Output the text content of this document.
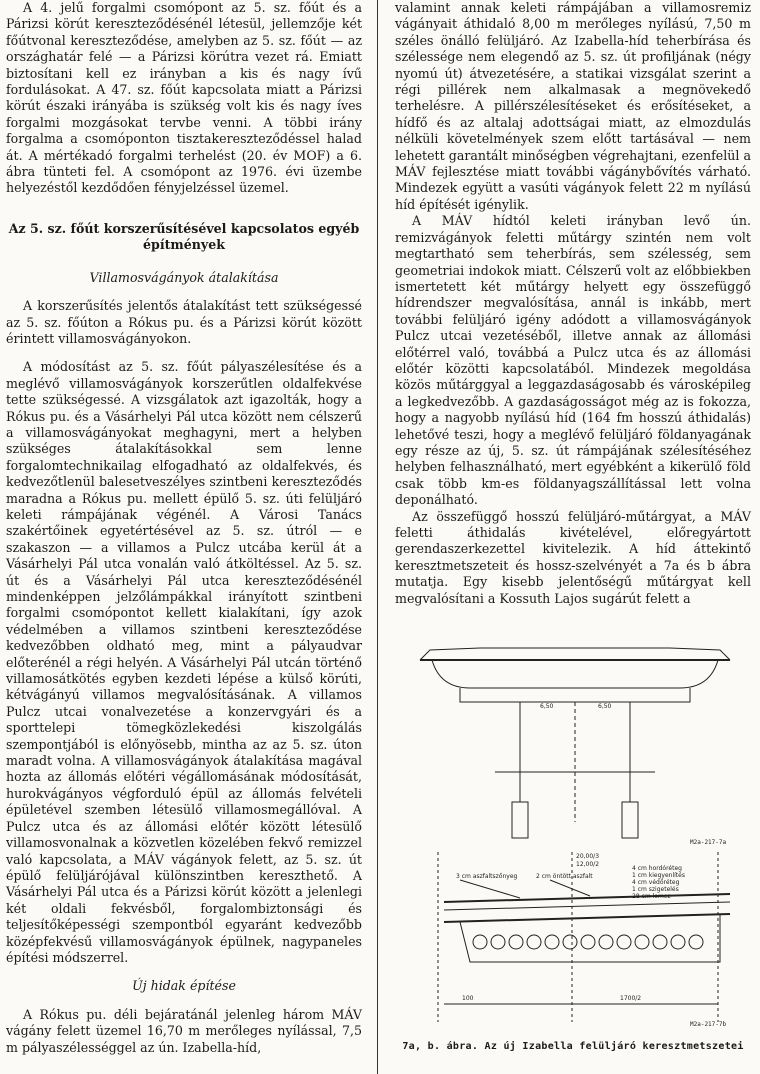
A 4. jelű forgalmi csomópont az 5. sz. főút és a Párizsi körút kereszteződésénél létesül, jellemzője két főútvonal kereszteződése, amelyben az 5. sz. főút — az országhatár felé — a Párizsi körútra vezet rá. Emiatt biztosítani kell ez irányban a kis és nagy ívű fordulásokat. A 47. sz. főút kapcsolata miatt a Párizsi körút északi irányába is szükség volt kis és nagy íves forgalmi mozgásokat tervbe venni. A többi irány forgalma a csomóponton tisztakereszteződéssel halad át. A mértékadó forgalmi terhelést (20. év MOF) a 6. ábra tünteti fel. A csomópont az 1976. évi üzembe helyezéstől kezdődően fényjelzéssel üzemel.

Az 5. sz. főút korszerűsítésével kapcsolatos egyéb építmények
Villamosvágányok átalakítása

A korszerűsítés jelentős átalakítást tett szükségessé az 5. sz. főúton a Rókus pu. és a Párizsi körút között érintett villamosvágányokon.

A módosítást az 5. sz. főút pályaszélesítése és a meglévő villamosvágányok korszerűtlen oldalfekvése tette szükségessé. A vizsgálatok azt igazolták, hogy a Rókus pu. és a Vásárhelyi Pál utca között nem célszerű a villamosvágányokat meghagyni, mert a helyben szükséges átalakításokkal sem lenne forgalomtechnikailag elfogadható az oldalfekvés, és kedvezőtlenül balesetveszélyes szintbeni kereszteződés maradna a Rókus pu. mellett épülő 5. sz. úti felüljáró keleti rámpájának végénél. A Városi Tanács szakértőinek egyetértésével az 5. sz. útról — e szakaszon — a villamos a Pulcz utcába kerül át a Vásárhelyi Pál utca vonalán való átköltéssel. Az 5. sz. út és a Vásárhelyi Pál utca kereszteződésénél mindenképpen jelzőlámpákkal irányított szintbeni forgalmi csomópontot kellett kialakítani, így azok védelmében a villamos szintbeni kereszteződése kedvezőbben oldható meg, mint a pályaudvar előterénél a régi helyén. A Vásárhelyi Pál utcán történő villamosátkötés egyben kezdeti lépése a külső körúti, kétvágányú villamos megvalósításának. A villamos Pulcz utcai vonalvezetése a konzervgyári és a sporttelepi tömegközlekedési kiszolgálás szempontjából is előnyösebb, mintha az az 5. sz. úton maradt volna. A villamosvágányok átalakítása magával hozta az állomás előtéri végállomásának módosítását, hurokvágányos végforduló épül az állomás felvételi épületével szemben létesülő villamosmegállóval. A Pulcz utca és az állomási előtér között létesülő villamosvonalnak a közvetlen közelében fekvő remizzel való kapcsolata, a MÁV vágányok felett, az 5. sz. út épülő felüljárójával különszintben kereszthető. A Vásárhelyi Pál utca és a Párizsi körút között a jelenlegi két oldali fekvésből, forgalombiztonsági és teljesítőképességi szempontból egyaránt kedvezőbb középfekvésű villamosvágányok épülnek, nagypaneles építési módszerrel.

Új hidak építése

A Rókus pu. déli bejáratánál jelenleg három MÁV vágány felett üzemel 16,70 m merőleges nyílással, 7,5 m pályaszélességgel az ún. Izabella-híd,

valamint annak keleti rámpájában a villamosremiz vágányait áthidaló 8,00 m merőleges nyílású, 7,50 m széles önálló felüljáró. Az Izabella-híd teherbírása és szélessége nem elegendő az 5. sz. út profiljának (négy nyomú út) átvezetésére, a statikai vizsgálat szerint a régi pillérek nem alkalmasak a megnövekedő terhelésre. A pillérszélesítéseket és erősítéseket, a hídfő és az altalaj adottságai miatt, az elmozdulás nélküli követelmények szem előtt tartásával — nem lehetett garantált minőségben végrehajtani, ezenfelül a MÁV fejlesztése miatt további vágánybővítés várható. Mindezek együtt a vasúti vágányok felett 22 m nyílású híd építését igénylik.

A MÁV hídtól keleti irányban levő ún. remizvágányok feletti műtárgy szintén nem volt megtartható sem teherbírás, sem szélesség, sem geometriai indokok miatt. Célszerű volt az előbbiekben ismertetett két műtárgy helyett egy összefüggő hídrendszer megvalósítása, annál is inkább, mert további felüljáró igény adódott a villamosvágányok Pulcz utcai vezetéséből, illetve annak az állomási előtérrel való, továbbá a Pulcz utca és az állomási előtér közötti kapcsolatából. Mindezek megoldása közös műtárggyal a leggazdaságosabb és városképileg a legkedvezőbb. A gazdaságosságot még az is fokozza, hogy a nagyobb nyílású híd (164 fm hosszú áthidalás) lehetővé teszi, hogy a meglévő felüljáró földanyagának egy része az új, 5. sz. út rámpájának szélesítéséhez helyben felhasználható, mert egyébként a kikerülő föld csak több km-es földanyagszállítással lett volna deponálható.

Az összefüggő hosszú felüljáró-műtárgyat, a MÁV feletti áthidalás kivételével, előregyártott gerendaszerkezettel kivitelezik. A híd áttekintő keresztmetszeteit és hossz-szelvényét a 7a és b ábra mutatja. Egy kisebb jelentőségű műtárgyat kell megvalósítani a Kossuth Lajos sugárút felett a

6,50	6,50
M2a-217-7a
3 cm aszfaltszőnyeg	2 cm öntött aszfalt
4 cm hordóréteg
1 cm kiegyenlítés
4 cm védőréteg
1 cm szigetelés
28 cm lemez
20,00/3
12,00/2
100	1700/2
M2a-217-7b
7a, b. ábra. Az új Izabella felüljáró keresztmetszetei
